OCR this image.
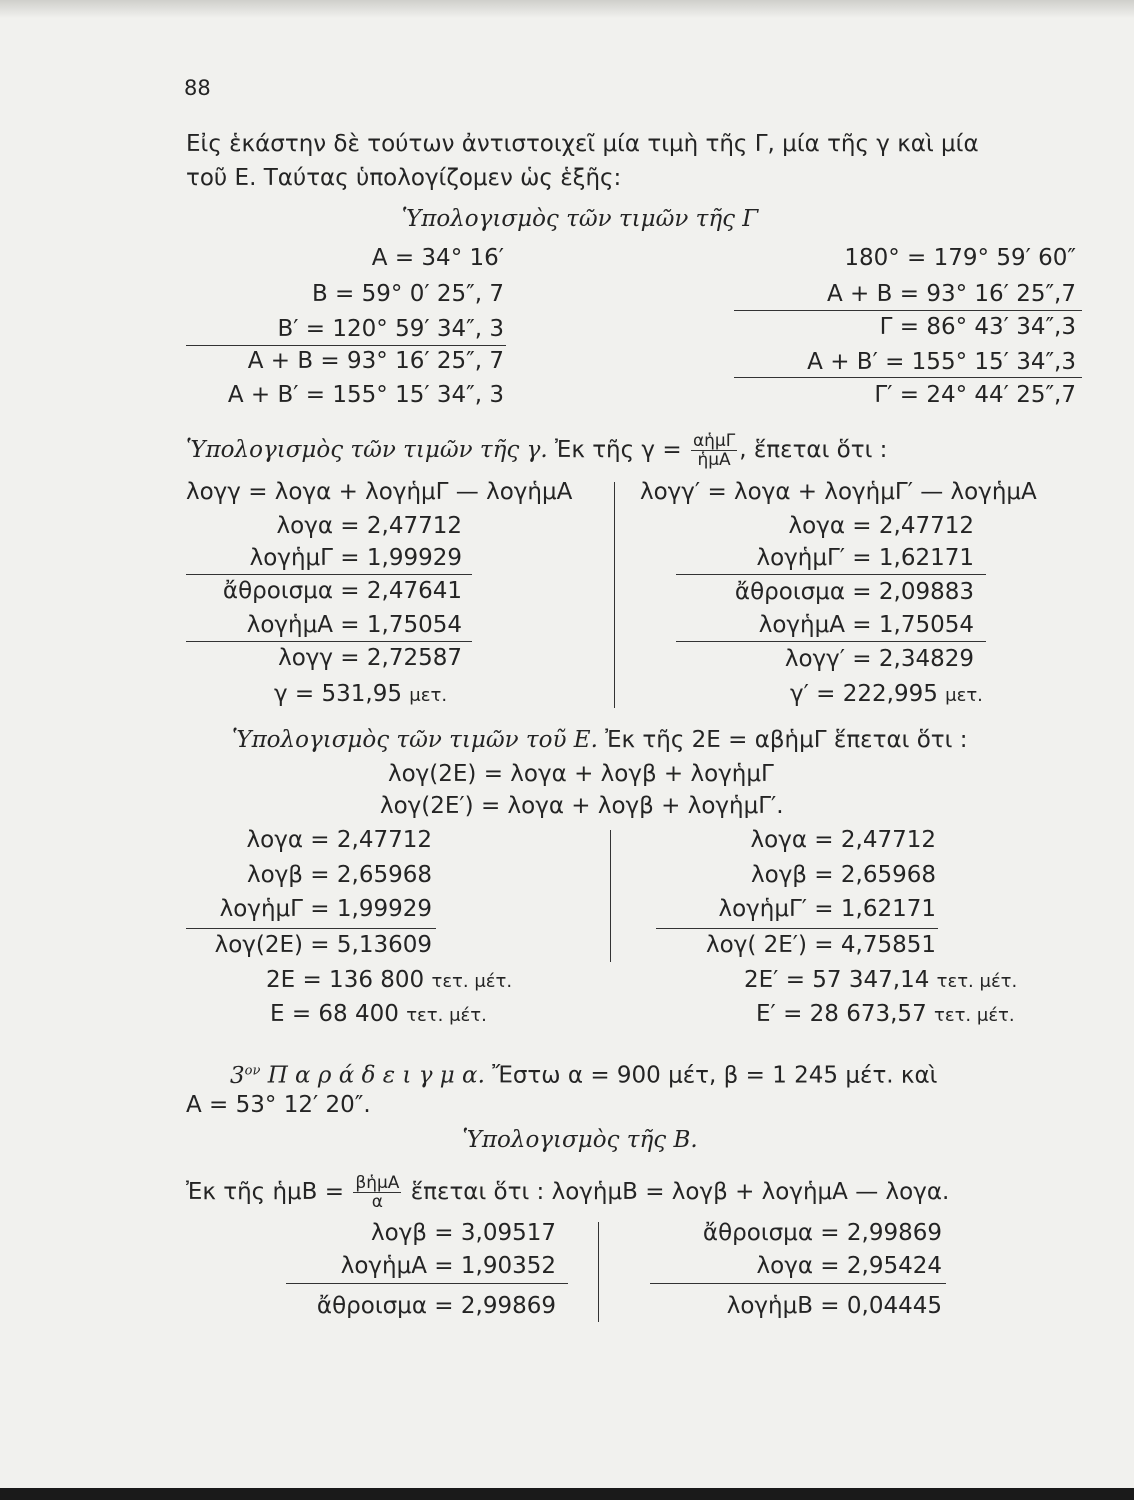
88
Εἰς ἑκάστην δὲ τούτων ἀντιστοιχεῖ μία τιμὴ τῆς Γ, μία τῆς γ καὶ μία
τοῦ Ε. Ταύτας ὑπολογίζομεν ὡς ἑξῆς:
Ὑπολογισμὸς τῶν τιμῶν τῆς Γ
Α = 34° 16′
Β = 59° 0′ 25″, 7
Β′ = 120° 59′ 34″, 3
Α + Β = 93° 16′ 25″, 7
Α + Β′ = 155° 15′ 34″, 3
180° = 179° 59′ 60″
Α + Β = 93° 16′ 25″,7
Γ = 86° 43′ 34″,3
Α + Β′ = 155° 15′ 34″,3
Γ′ = 24° 44′ 25″,7
Ὑπολογισμὸς τῶν τιμῶν τῆς γ. Ἐκ τῆς $\gamma = \frac{\text{αἡμΓ}}{\text{ἡμΑ}}$ , ἕπεται ὅτι :
λογγ = λογα + λογἡμΓ — λογἡμΑ
λογα = 2,47712
λογἡμΓ = 1,99929
ἄθροισμα = 2,47641
λογἡμΑ = 1,75054
λογγ = 2,72587
γ = 531,95 μετ.
λογγ′ = λογα + λογἡμΓ′ — λογἡμΑ
λογα = 2,47712
λογἡμΓ′ = 1,62171
ἄθροισμα = 2,09883
λογἡμΑ = 1,75054
λογγ′ = 2,34829
γ′ = 222,995 μετ.
Ὑπολογισμὸς τῶν τιμῶν τοῦ Ε. Ἐκ τῆς 2Ε = αβἡμΓ ἕπεται ὅτι :
λογ(2Ε) = λογα + λογβ + λογἡμΓ
λογ(2Ε′) = λογα + λογβ + λογἡμΓ′.
λογα = 2,47712
λογβ = 2,65968
λογἡμΓ = 1,99929
λογ(2Ε) = 5,13609
2Ε = 136 800 τετ. μέτ.
Ε = 68 400 τετ. μέτ.
λογα = 2,47712
λογβ = 2,65968
λογἡμΓ′ = 1,62171
λογ( 2Ε′) = 4,75851
2Ε′ = 57 347,14 τετ. μέτ.
Ε′ = 28 673,57 τετ. μέτ.
$3^{o\nu}$ Π α ρ ά δ ε ι γ μ α. Ἔστω α = 900 μέτ, β = 1 245 μέτ. καὶ
Α = 53° 12′ 20″.
Ὑπολογισμὸς τῆς Β.
Ἐκ τῆς ἡμΒ = $\frac{\text{βἡμΑ}}{\alpha}$ ἕπεται ὅτι : λογἡμΒ = λογβ + λογἡμΑ — λογα.
λογβ = 3,09517
λογἡμΑ = 1,90352
ἄθροισμα = 2,99869
ἄθροισμα = 2,99869
λογα = 2,95424
λογἡμΒ = 0,04445
